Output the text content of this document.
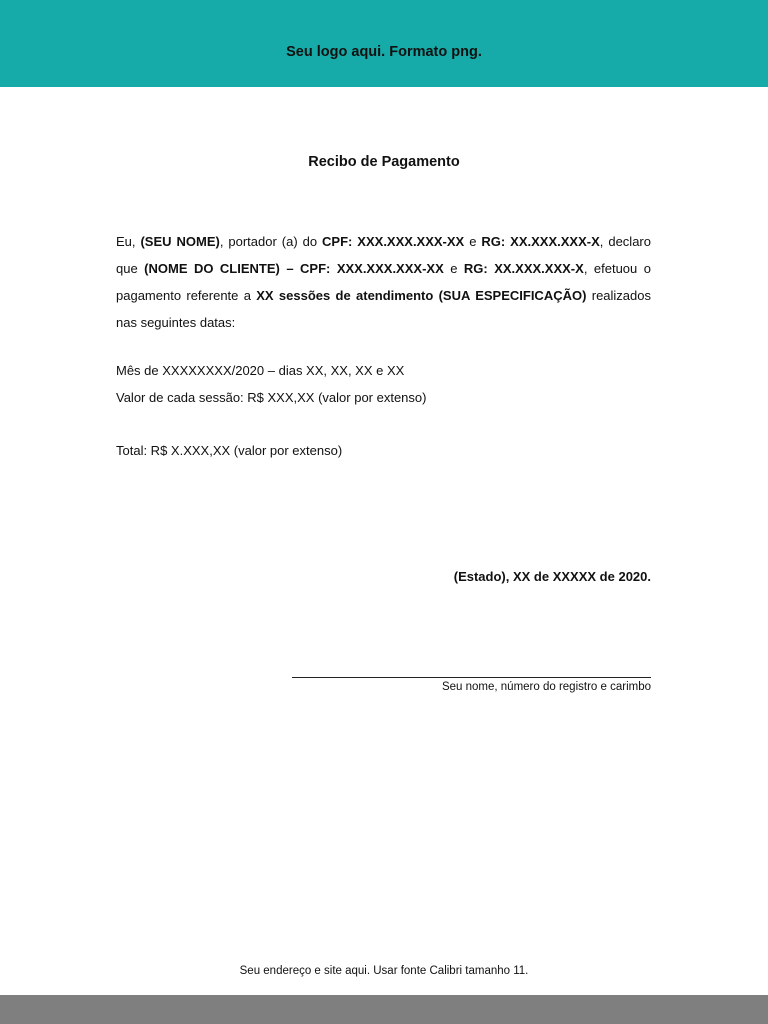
Seu logo aqui. Formato png.
Recibo de Pagamento
Eu, (SEU NOME), portador (a) do CPF: XXX.XXX.XXX-XX e RG: XX.XXX.XXX-X, declaro que (NOME DO CLIENTE) – CPF: XXX.XXX.XXX-XX e RG: XX.XXX.XXX-X, efetuou o pagamento referente a XX sessões de atendimento (SUA ESPECIFICAÇÃO) realizados nas seguintes datas:
Mês de XXXXXXXX/2020 – dias XX, XX, XX e XX
Valor de cada sessão: R$ XXX,XX (valor por extenso)
Total: R$ X.XXX,XX (valor por extenso)
(Estado), XX de XXXXX de 2020.
Seu nome, número do registro e carimbo
Seu endereço e site aqui. Usar fonte Calibri tamanho 11.
